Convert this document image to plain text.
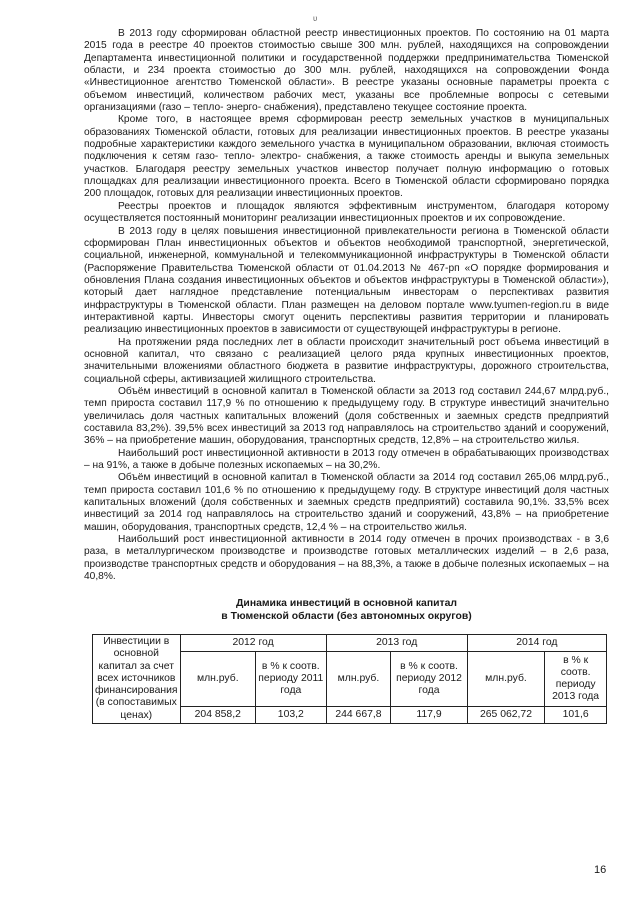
ʋ

В 2013 году сформирован областной реестр инвестиционных проектов. По состоянию на 01 марта 2015 года в реестре 40 проектов стоимостью свыше 300 млн. рублей, находящихся на сопровождении Департамента инвестиционной политики и государственной поддержки предпринимательства Тюменской области, и 234 проекта стоимостью до 300 млн. рублей, находящихся на сопровождении Фонда «Инвестиционное агентство Тюменской области». В реестре указаны основные параметры проекта с объемом инвестиций, количеством рабочих мест, указаны все проблемные вопросы с сетевыми организациями (газо – тепло- энерго- снабжения), представлено текущее состояние проекта.

Кроме того, в настоящее время сформирован реестр земельных участков в муниципальных образованиях Тюменской области, готовых для реализации инвестиционных проектов. В реестре указаны подробные характеристики каждого земельного участка в муниципальном образовании, включая стоимость подключения к сетям газо- тепло- электро- снабжения, а также стоимость аренды и выкупа земельных участков. Благодаря реестру земельных участков инвестор получает полную информацию о готовых площадках для реализации инвестиционного проекта. Всего в Тюменской области сформировано порядка 200 площадок, готовых для реализации инвестиционных проектов.

Реестры проектов и площадок являются эффективным инструментом, благодаря которому осуществляется постоянный мониторинг реализации инвестиционных проектов и их сопровождение.

В 2013 году в целях повышения инвестиционной привлекательности региона в Тюменской области сформирован План инвестиционных объектов и объектов необходимой транспортной, энергетической, социальной, инженерной, коммунальной и телекоммуникационной инфраструктуры в Тюменской области (Распоряжение Правительства Тюменской области от 01.04.2013 № 467-рп «О порядке формирования и обновления Плана создания инвестиционных объектов и объектов инфраструктуры в Тюменской области»), который дает наглядное представление потенциальным инвесторам о перспективах развития инфраструктуры в Тюменской области. План размещен на деловом портале www.tyumen-region.ru в виде интерактивной карты. Инвесторы смогут оценить перспективы развития территории и планировать реализацию инвестиционных проектов в зависимости от существующей инфраструктуры в регионе.

На протяжении ряда последних лет в области происходит значительный рост объема инвестиций в основной капитал, что связано с реализацией целого ряда крупных инвестиционных проектов, значительными вложениями областного бюджета в развитие инфраструктуры, дорожного строительства, социальной сферы, активизацией жилищного строительства.

Объём инвестиций в основной капитал в Тюменской области за 2013 год составил 244,67 млрд.руб., темп прироста составил 117,9 % по отношению к предыдущему году. В структуре инвестиций значительно увеличилась доля частных капитальных вложений (доля собственных и заемных средств предприятий составила 83,2%). 39,5% всех инвестиций за 2013 год направлялось на строительство зданий и сооружений, 36% – на приобретение машин, оборудования, транспортных средств, 12,8% – на строительство жилья.

Наибольший рост инвестиционной активности в 2013 году отмечен в обрабатывающих производствах – на 91%, а также в добыче полезных ископаемых – на 30,2%.

Объём инвестиций в основной капитал в Тюменской области за 2014 год составил 265,06 млрд.руб., темп прироста составил 101,6 % по отношению к предыдущему году. В структуре инвестиций доля частных капитальных вложений (доля собственных и заемных средств предприятий) составила 90,1%. 33,5% всех инвестиций за 2014 год направлялось на строительство зданий и сооружений, 43,8% – на приобретение машин, оборудования, транспортных средств, 12,4 % – на строительство жилья.

Наибольший рост инвестиционной активности в 2014 году отмечен в прочих производствах - в 3,6 раза, в металлургическом производстве и производстве готовых металлических изделий – в 2,6 раза, производстве транспортных средств и оборудования – на 88,3%, а также в добыче полезных ископаемых – на 40,8%.

Динамика инвестиций в основной капитал
в Тюменской области (без автономных округов)
Инвестиции в основной капитал за счет всех источников финансирования (в сопоставимых ценах)	2012 год		2013 год		2014 год	
	млн.руб.	в % к соотв. периоду 2011 года	млн.руб.	в % к соотв. периоду 2012 года	млн.руб.	в % к соотв. периоду 2013 года
	204 858,2	103,2	244 667,8	117,9	265 062,72	101,6
16
